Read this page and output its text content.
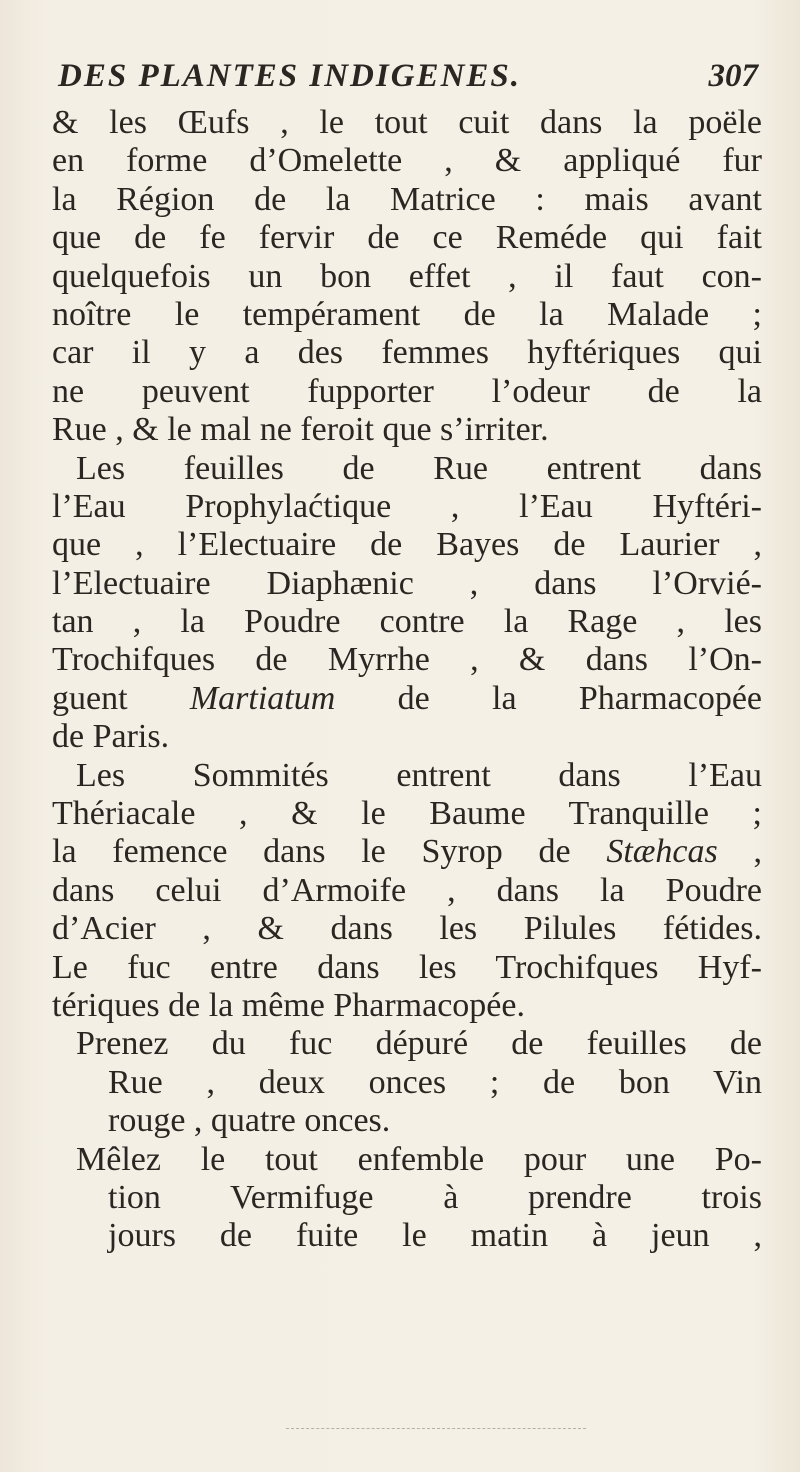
DES PLANTES INDIGENES.	307
& les Œufs , le tout cuit dans la poële
en forme d’Omelette , & appliqué fur
la Région de la Matrice : mais avant
que de fe fervir de ce Reméde qui fait
quelquefois un bon effet , il faut con-
noître le tempérament de la Malade ;
car il y a des femmes hyftériques qui
ne peuvent fupporter l’odeur de la
Rue , & le mal ne feroit que s’irriter.
Les feuilles de Rue entrent dans
l’Eau Prophylaćtique , l’Eau Hyftéri-
que , l’Electuaire de Bayes de Laurier ,
l’Electuaire Diaphænic , dans l’Orvié-
tan , la Poudre contre la Rage , les
Trochifques de Myrrhe , & dans l’On-
guent Martiatum de la Pharmacopée
de Paris.
Les Sommités entrent dans l’Eau
Thériacale , & le Baume Tranquille ;
la femence dans le Syrop de Stæhcas ,
dans celui d’Armoife , dans la Poudre
d’Acier , & dans les Pilules fétides.
Le fuc entre dans les Trochifques Hyf-
tériques de la même Pharmacopée.
Prenez du fuc dépuré de feuilles de
Rue , deux onces ; de bon Vin
rouge , quatre onces.
Mêlez le tout enfemble pour une Po-
tion Vermifuge à prendre trois
jours de fuite le matin à jeun ,
